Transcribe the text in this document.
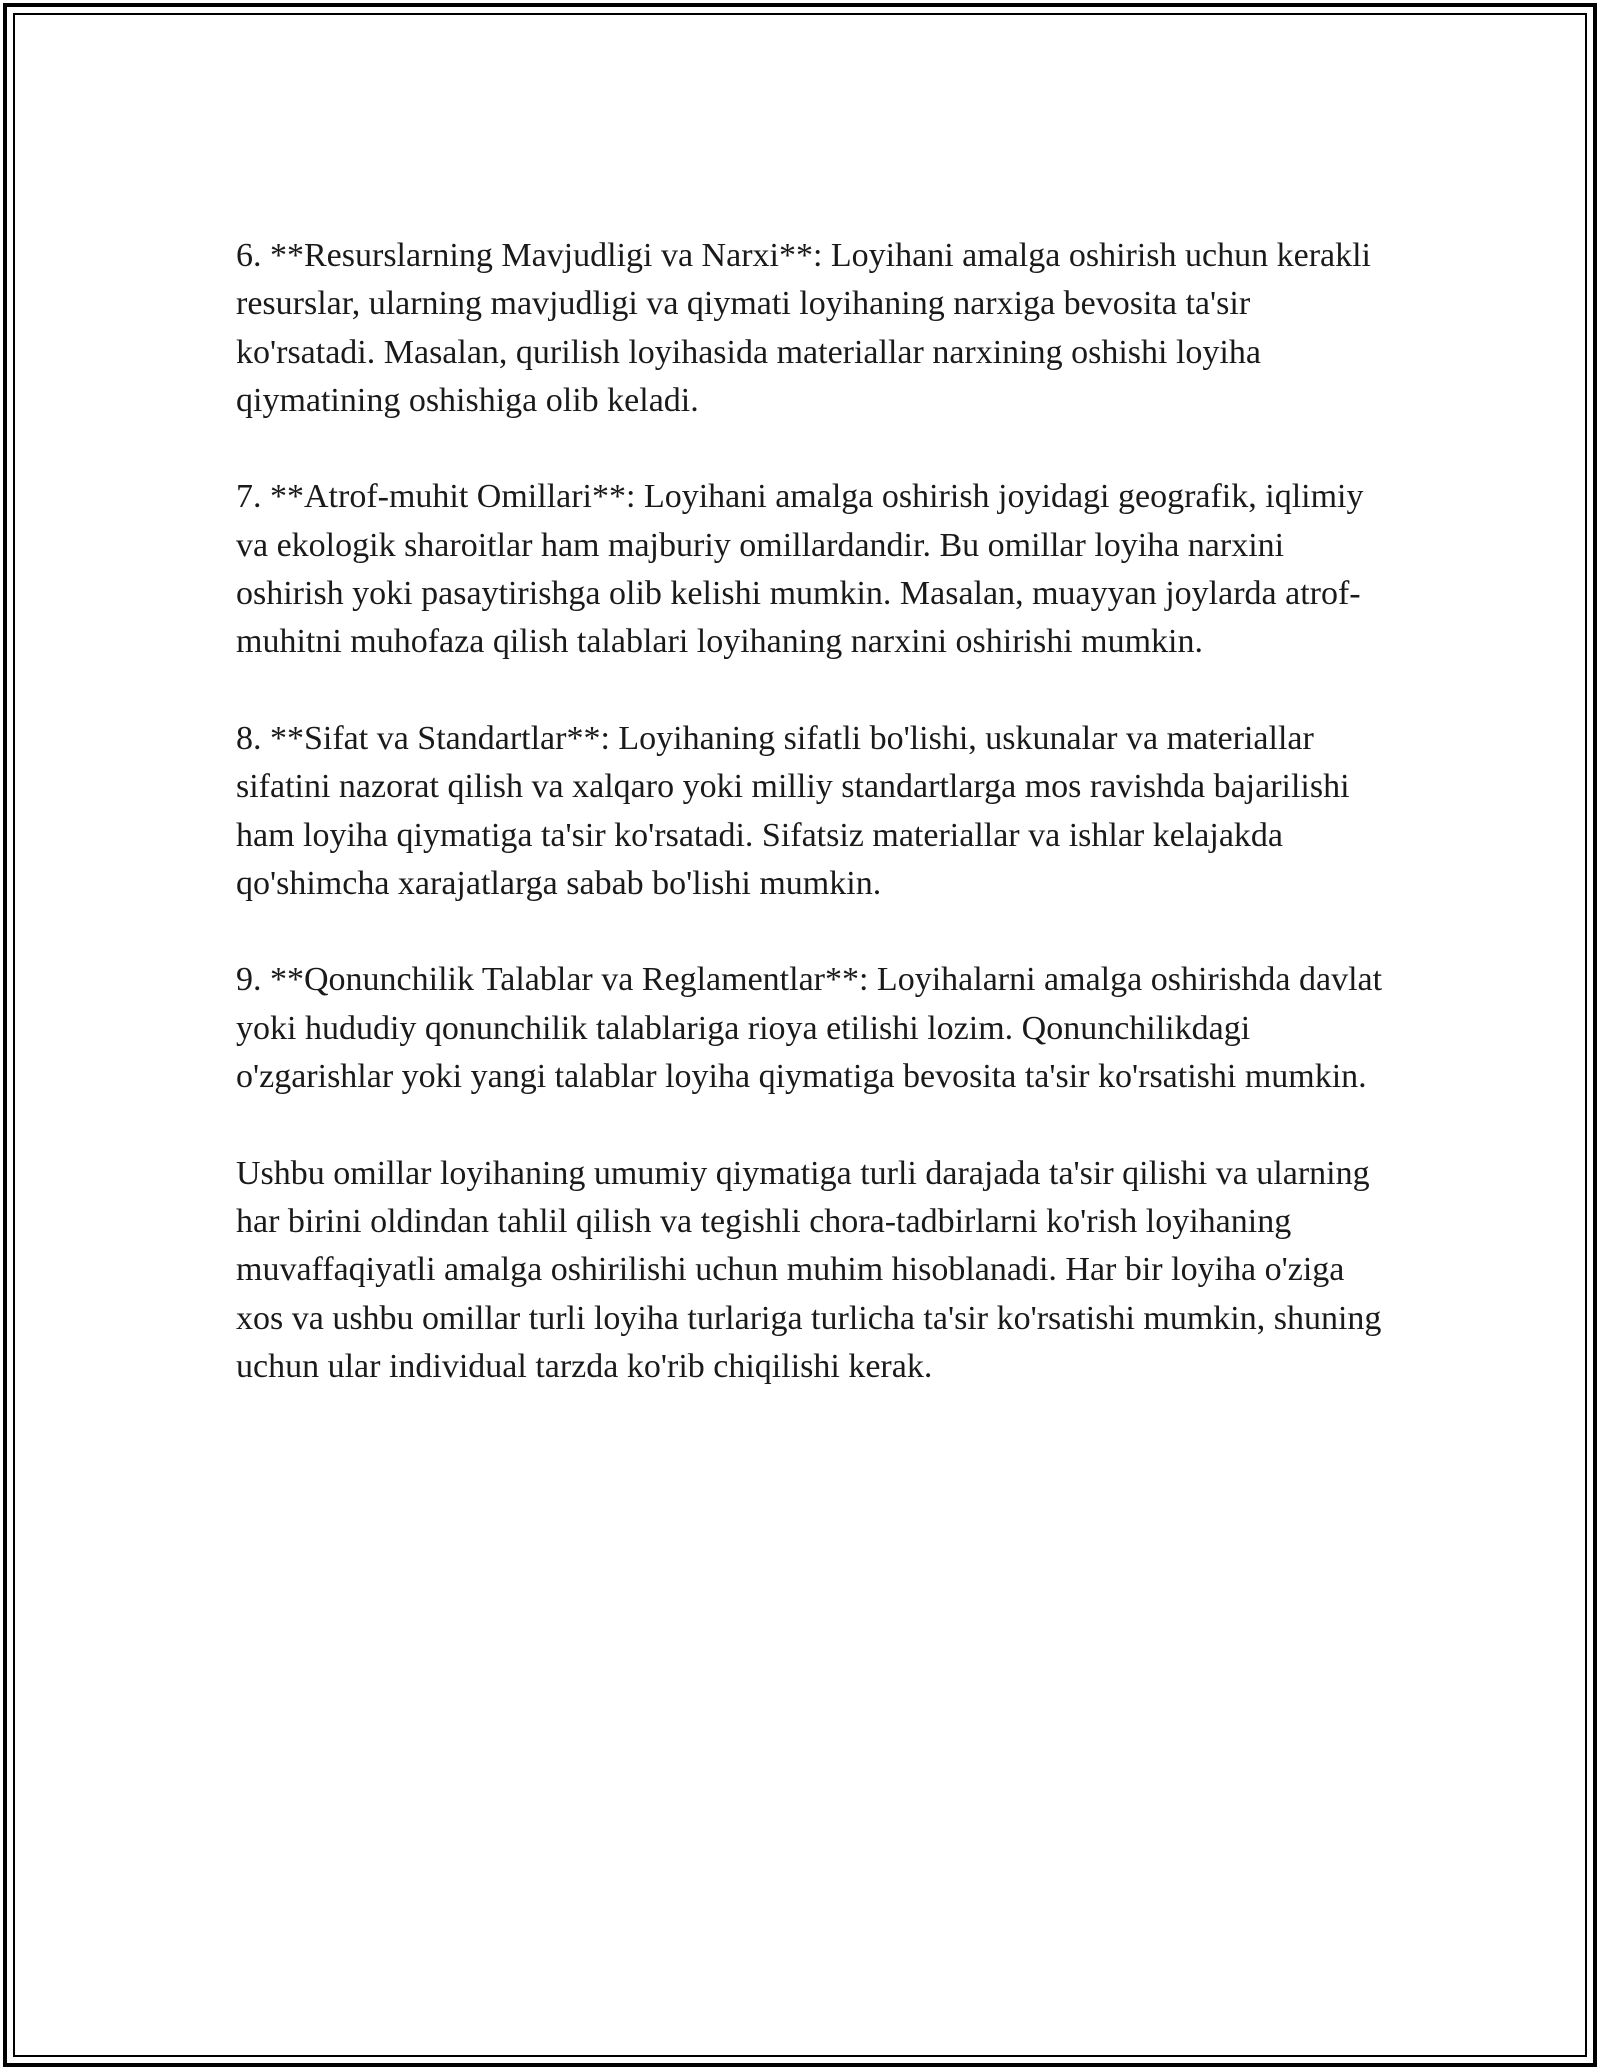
6. **Resurslarning Mavjudligi va Narxi**: Loyihani amalga oshirish uchun kerakli resurslar, ularning mavjudligi va qiymati loyihaning narxiga bevosita ta'sir ko'rsatadi. Masalan, qurilish loyihasida materiallar narxining oshishi loyiha qiymatining oshishiga olib keladi.

7. **Atrof-muhit Omillari**: Loyihani amalga oshirish joyidagi geografik, iqlimiy va ekologik sharoitlar ham majburiy omillardandir. Bu omillar loyiha narxini oshirish yoki pasaytirishga olib kelishi mumkin. Masalan, muayyan joylarda atrof-muhitni muhofaza qilish talablari loyihaning narxini oshirishi mumkin.

8. **Sifat va Standartlar**: Loyihaning sifatli bo'lishi, uskunalar va materiallar sifatini nazorat qilish va xalqaro yoki milliy standartlarga mos ravishda bajarilishi ham loyiha qiymatiga ta'sir ko'rsatadi. Sifatsiz materiallar va ishlar kelajakda qo'shimcha xarajatlarga sabab bo'lishi mumkin.

9. **Qonunchilik Talablar va Reglamentlar**: Loyihalarni amalga oshirishda davlat yoki hududiy qonunchilik talablariga rioya etilishi lozim. Qonunchilikdagi o'zgarishlar yoki yangi talablar loyiha qiymatiga bevosita ta'sir ko'rsatishi mumkin.

Ushbu omillar loyihaning umumiy qiymatiga turli darajada ta'sir qilishi va ularning har birini oldindan tahlil qilish va tegishli chora-tadbirlarni ko'rish loyihaning muvaffaqiyatli amalga oshirilishi uchun muhim hisoblanadi. Har bir loyiha o'ziga xos va ushbu omillar turli loyiha turlariga turlicha ta'sir ko'rsatishi mumkin, shuning uchun ular individual tarzda ko'rib chiqilishi kerak.
